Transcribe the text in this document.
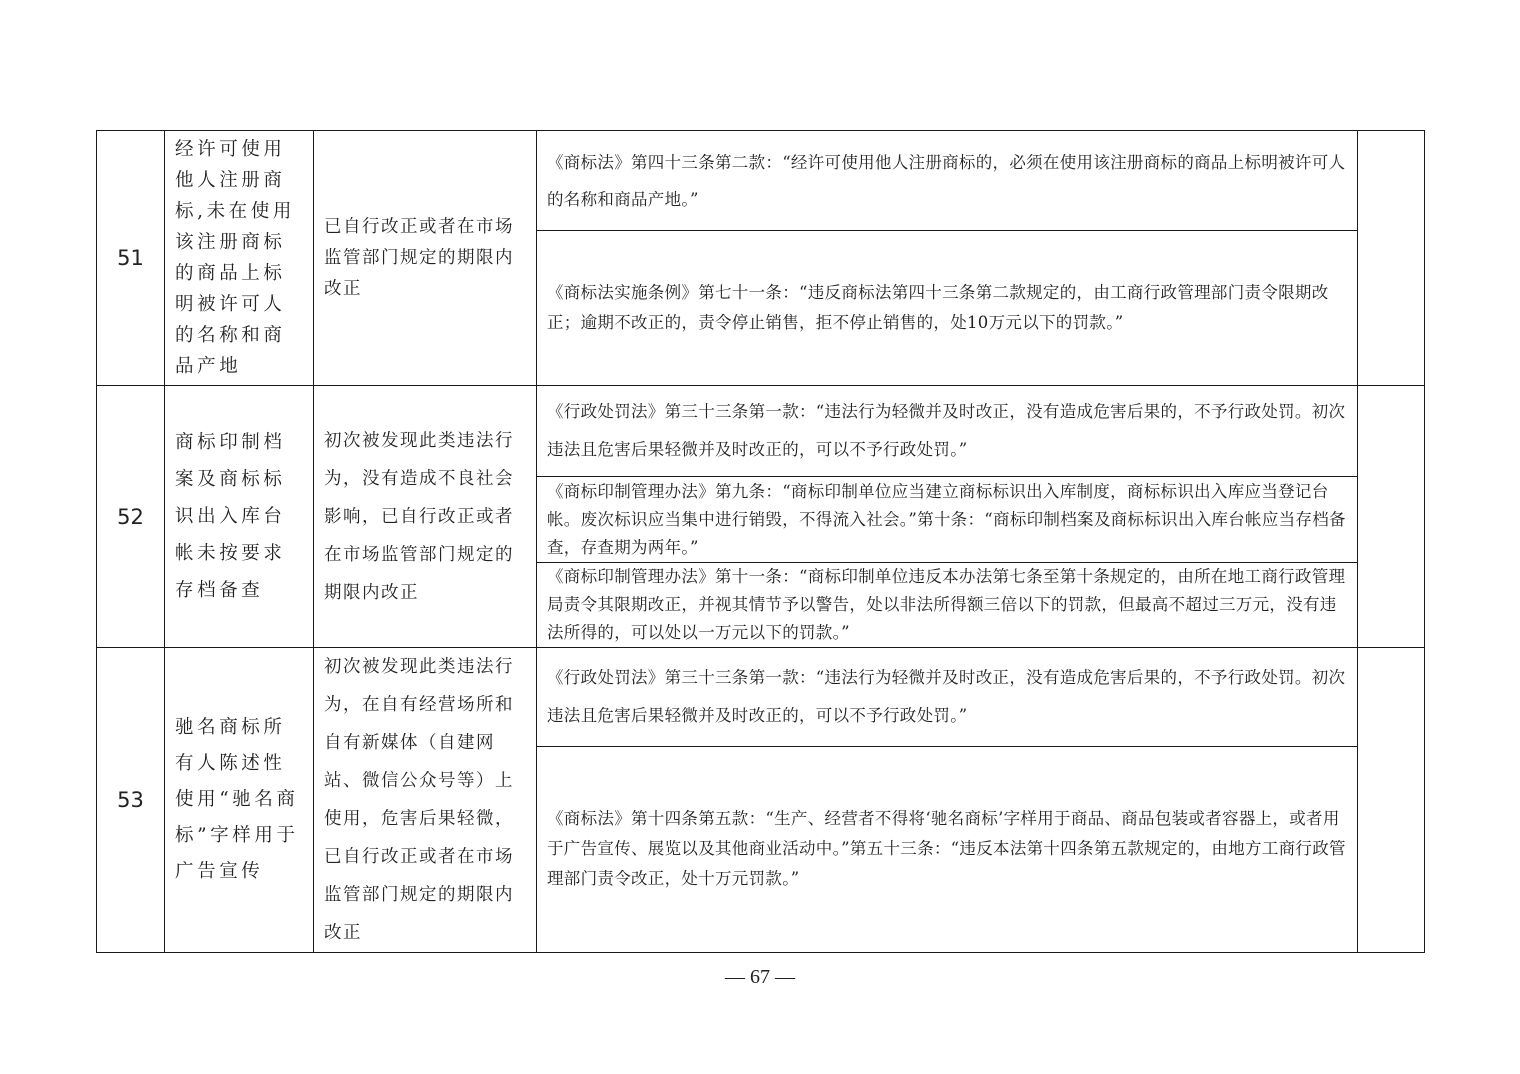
51	经许可使用他人注册商标,未在使用该注册商标的商品上标明被许可人的名称和商品产地	已自行改正或者在市场监管部门规定的期限内改正	《商标法》第四十三条第二款：“经许可使用他人注册商标的，必须在使用该注册商标的商品上标明被许可人的名称和商品产地。”	
			《商标法实施条例》第七十一条：“违反商标法第四十三条第二款规定的，由工商行政管理部门责令限期改正；逾期不改正的，责令停止销售，拒不停止销售的，处10万元以下的罚款。”	
52	商标印制档案及商标标识出入库台帐未按要求存档备查	初次被发现此类违法行为，没有造成不良社会影响，已自行改正或者在市场监管部门规定的期限内改正	《行政处罚法》第三十三条第一款：“违法行为轻微并及时改正，没有造成危害后果的，不予行政处罚。初次违法且危害后果轻微并及时改正的，可以不予行政处罚。”	
			《商标印制管理办法》第九条：“商标印制单位应当建立商标标识出入库制度，商标标识出入库应当登记台帐。废次标识应当集中进行销毁，不得流入社会。”第十条：“商标印制档案及商标标识出入库台帐应当存档备查，存查期为两年。”	
			《商标印制管理办法》第十一条：“商标印制单位违反本办法第七条至第十条规定的，由所在地工商行政管理局责令其限期改正，并视其情节予以警告，处以非法所得额三倍以下的罚款，但最高不超过三万元，没有违法所得的，可以处以一万元以下的罚款。”	
53	驰名商标所有人陈述性使用“驰名商标”字样用于广告宣传	初次被发现此类违法行为，在自有经营场所和自有新媒体（自建网站、微信公众号等）上使用，危害后果轻微，已自行改正或者在市场监管部门规定的期限内改正	《行政处罚法》第三十三条第一款：“违法行为轻微并及时改正，没有造成危害后果的，不予行政处罚。初次违法且危害后果轻微并及时改正的，可以不予行政处罚。”	
			《商标法》第十四条第五款：“生产、经营者不得将‘驰名商标’字样用于商品、商品包装或者容器上，或者用于广告宣传、展览以及其他商业活动中。”第五十三条：“违反本法第十四条第五款规定的，由地方工商行政管理部门责令改正，处十万元罚款。”	
— 67 —
